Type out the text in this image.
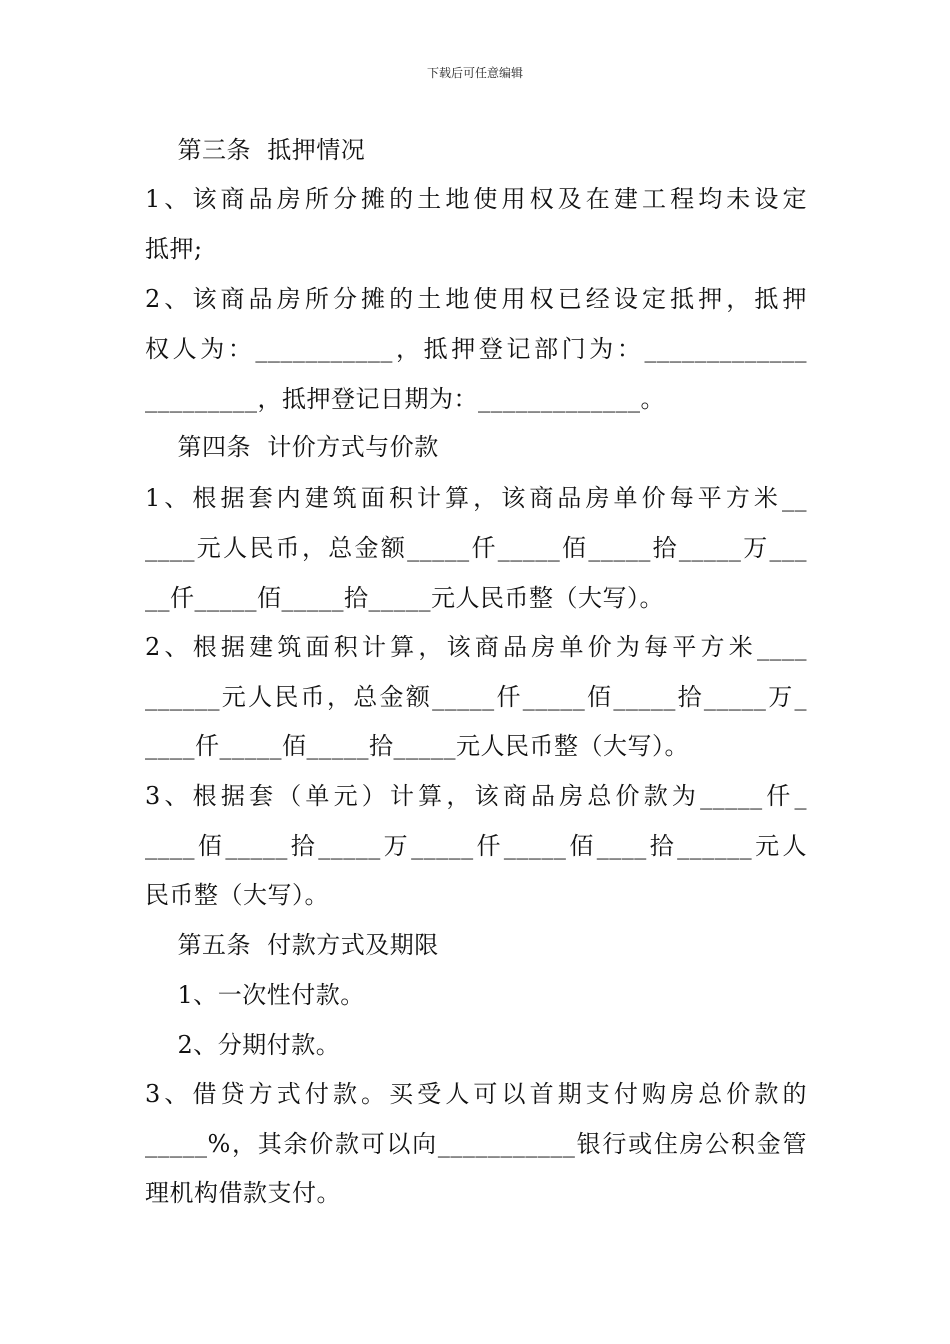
下载后可任意编辑

第三条  抵押情况

1、该商品房所分摊的土地使用权及在建工程均未设定

抵押;

2、该商品房所分摊的土地使用权已经设定抵押，抵押

权人为：___________，抵押登记部门为：_____________

_________，抵押登记日期为：_____________。

第四条  计价方式与价款

1、根据套内建筑面积计算，该商品房单价每平方米__

____元人民币，总金额_____仟_____佰_____拾_____万___

__仟_____佰_____拾_____元人民币整（大写）。

2、根据建筑面积计算，该商品房单价为每平方米____

______元人民币，总金额_____仟_____佰_____拾_____万_

____仟_____佰_____拾_____元人民币整（大写）。

3、根据套（单元）计算，该商品房总价款为_____仟_

____佰_____拾_____万_____仟_____佰____拾______元人

民币整（大写）。

第五条  付款方式及期限

1、一次性付款。

2、分期付款。

3、借贷方式付款。买受人可以首期支付购房总价款的

_____%，其余价款可以向___________银行或住房公积金管

理机构借款支付。
